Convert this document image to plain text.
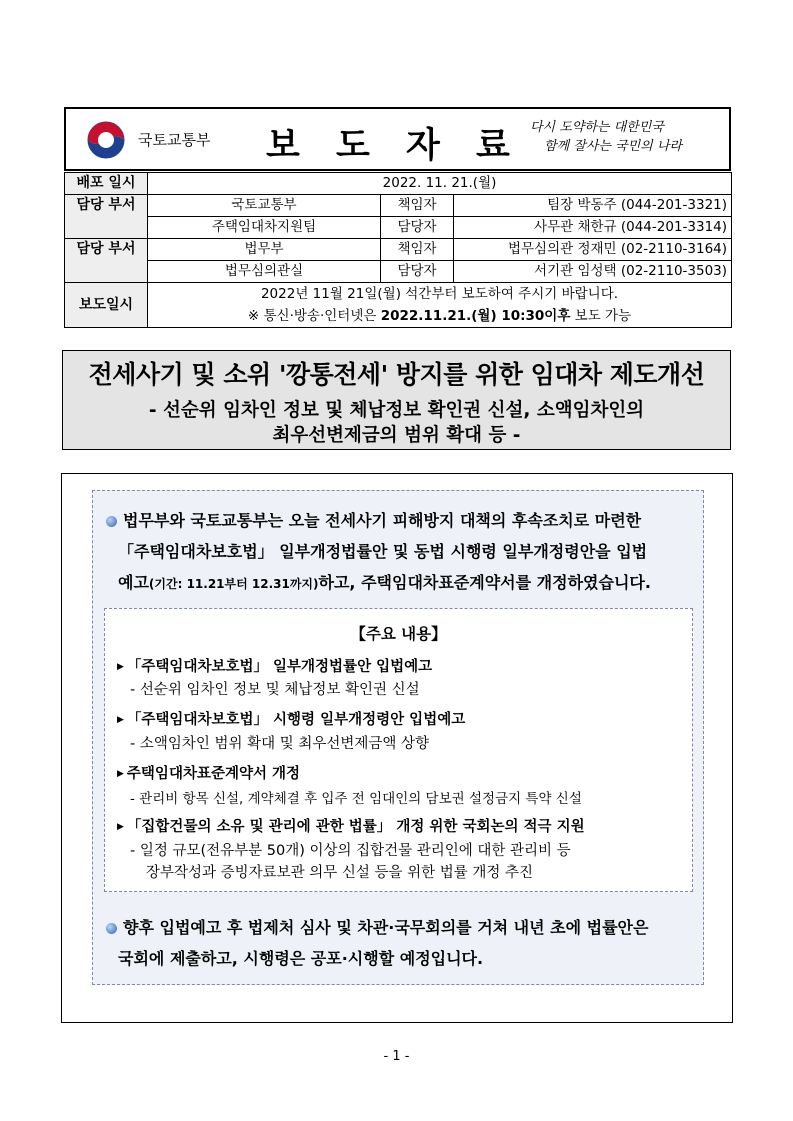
국토교통부 보 도 자 료 다시 도약하는 대한민국
함께 잘사는 국민의 나라
배포 일시	2022. 11. 21.(월)		
담당 부서	국토교통부	책임자	팀장 박동주 (044-201-3321)
	주택임대차지원팀	담당자	사무관 채한규 (044-201-3314)
담당 부서	법무부	책임자	법무심의관 정재민 (02-2110-3164)
	법무심의관실	담당자	서기관 임성택 (02-2110-3503)
보도일시	2022년 11월 21일(월) 석간부터 보도하여 주시기 바랍니다.		
	※ 통신·방송·인터넷은 2022.11.21.(월) 10:30이후 보도 가능		
전세사기 및 소위 '깡통전세' 방지를 위한 임대차 제도개선
- 선순위 임차인 정보 및 체납정보 확인권 신설, 소액임차인의
최우선변제금의 범위 확대 등 -
법무부와 국토교통부는 오늘 전세사기 피해방지 대책의 후속조치로 마련한
「주택임대차보호법」 일부개정법률안 및 동법 시행령 일부개정령안을 입법
예고(기간: 11.21부터 12.31까지)하고, 주택임대차표준계약서를 개정하였습니다.
【주요 내용】
▶ 「주택임대차보호법」 일부개정법률안 입법예고
- 선순위 임차인 정보 및 체납정보 확인권 신설
▶ 「주택임대차보호법」 시행령 일부개정령안 입법예고
- 소액임차인 범위 확대 및 최우선변제금액 상향
▶ 주택임대차표준계약서 개정
- 관리비 항목 신설, 계약체결 후 입주 전 임대인의 담보권 설정금지 특약 신설
▶ 「집합건물의 소유 및 관리에 관한 법률」 개정 위한 국회논의 적극 지원
- 일정 규모(전유부분 50개) 이상의 집합건물 관리인에 대한 관리비 등
장부작성과 증빙자료보관 의무 신설 등을 위한 법률 개정 추진
향후 입법예고 후 법제처 심사 및 차관·국무회의를 거쳐 내년 초에 법률안은
국회에 제출하고, 시행령은 공포·시행할 예정입니다.
- 1 -
